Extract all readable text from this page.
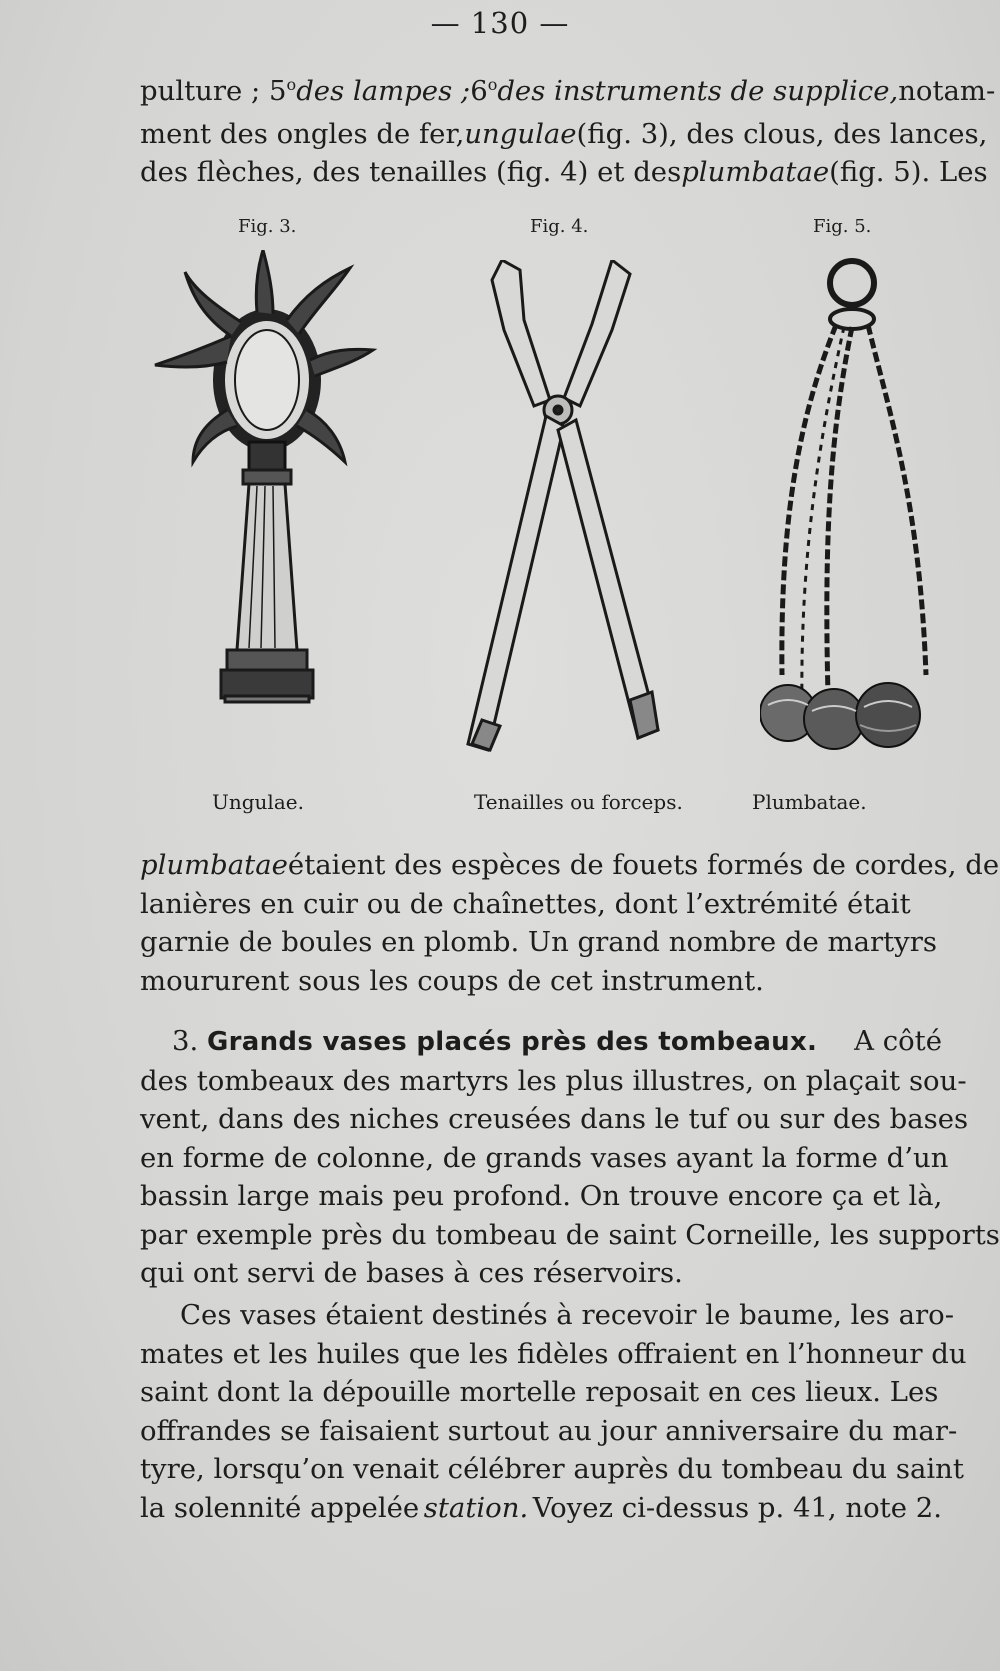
— 130 —
pulture ; 5o des lampes ; 6odes instruments de supplice, notam-
ment des ongles de fer, ungulae (fig. 3), des clous, des lances,
des flèches, des tenailles (fig. 4) et des plumbatae (fig. 5). Les
Fig. 3.	Fig. 4.	Fig. 5.
Ungulae.	Tenailles ou forceps.	Plumbatae.
plumbatae étaient des espèces de fouets formés de cordes, de
lanières en cuir ou de chaînettes, dont l’extrémité était
garnie de boules en plomb. Un grand nombre de martyrs
moururent sous les coups de cet instrument.
3. Grands vases placés près des tombeaux. A côté
des tombeaux des martyrs les plus illustres, on plaçait sou-
vent, dans des niches creusées dans le tuf ou sur des bases
en forme de colonne, de grands vases ayant la forme d’un
bassin large mais peu profond. On trouve encore ça et là,
par exemple près du tombeau de saint Corneille, les supports
qui ont servi de bases à ces réservoirs.
Ces vases étaient destinés à recevoir le baume, les aro-
mates et les huiles que les fidèles offraient en l’honneur du
saint dont la dépouille mortelle reposait en ces lieux. Les
offrandes se faisaient surtout au jour anniversaire du mar-
tyre, lorsqu’on venait célébrer auprès du tombeau du saint
la solennité appelée station. Voyez ci-dessus p. 41, note 2.
